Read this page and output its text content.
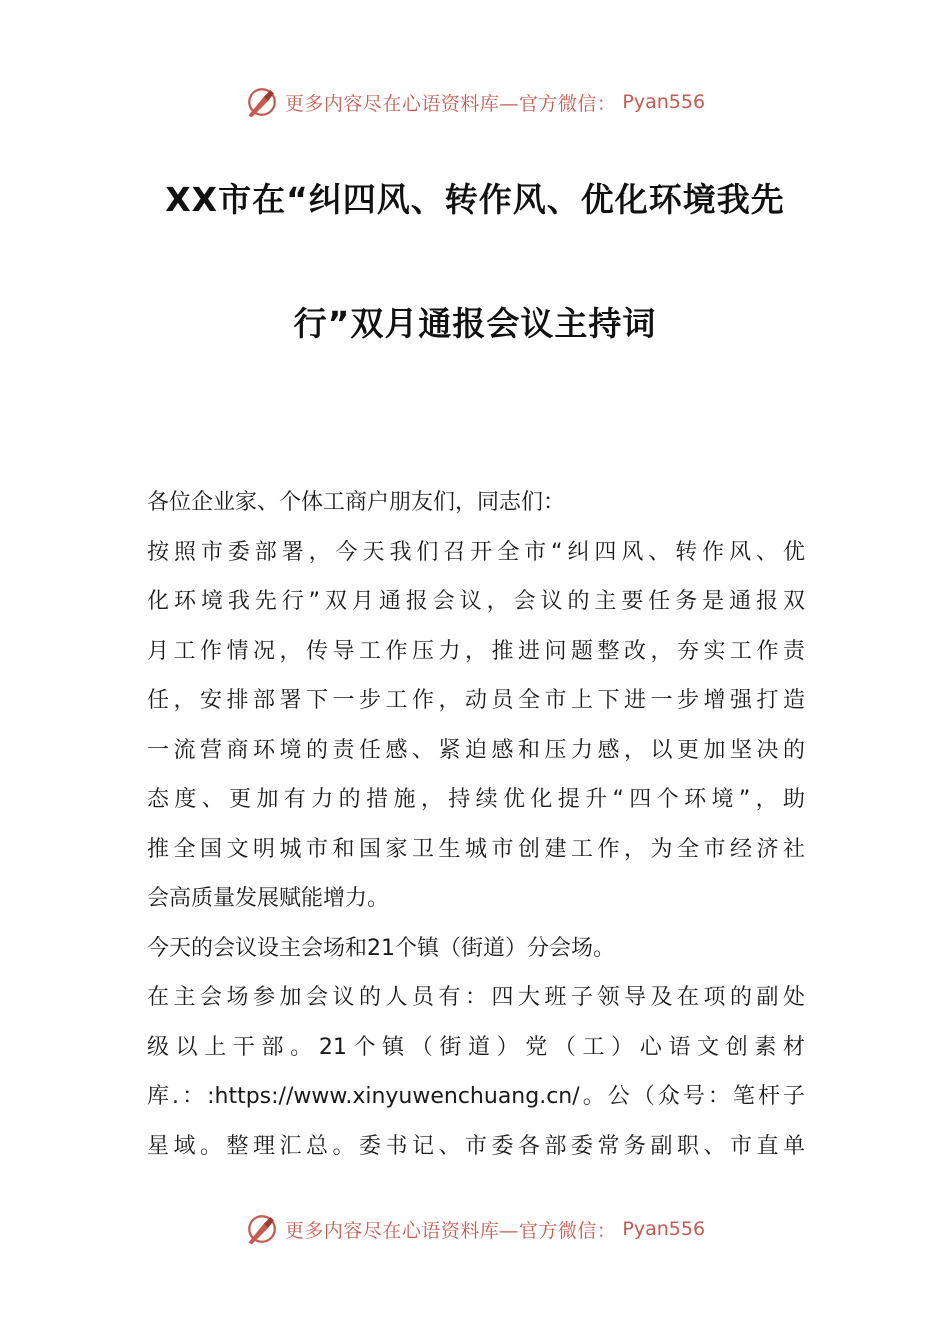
更多内容尽在心语资料库—官方微信： Pyan556
XX市在“纠四风、转作风、优化环境我先
行”双月通报会议主持词
各位企业家、个体工商户朋友们，同志们：
按照市委部署，今天我们召开全市“纠四风、转作风、优
化环境我先行”双月通报会议，会议的主要任务是通报双
月工作情况，传导工作压力，推进问题整改，夯实工作责
任，安排部署下一步工作，动员全市上下进一步增强打造
一流营商环境的责任感、紧迫感和压力感，以更加坚决的
态度、更加有力的措施，持续优化提升“四个环境”，助
推全国文明城市和国家卫生城市创建工作，为全市经济社
会高质量发展赋能增力。
今天的会议设主会场和21个镇（街道）分会场。
在主会场参加会议的人员有：四大班子领导及在项的副处
级以上干部。21个镇（街道）党（工）心语文创素材
库.：:https://www.xinyuwenchuang.cn/。公（众号：笔杆子
星域。整理汇总。委书记、市委各部委常务副职、市直单
更多内容尽在心语资料库—官方微信： Pyan556
